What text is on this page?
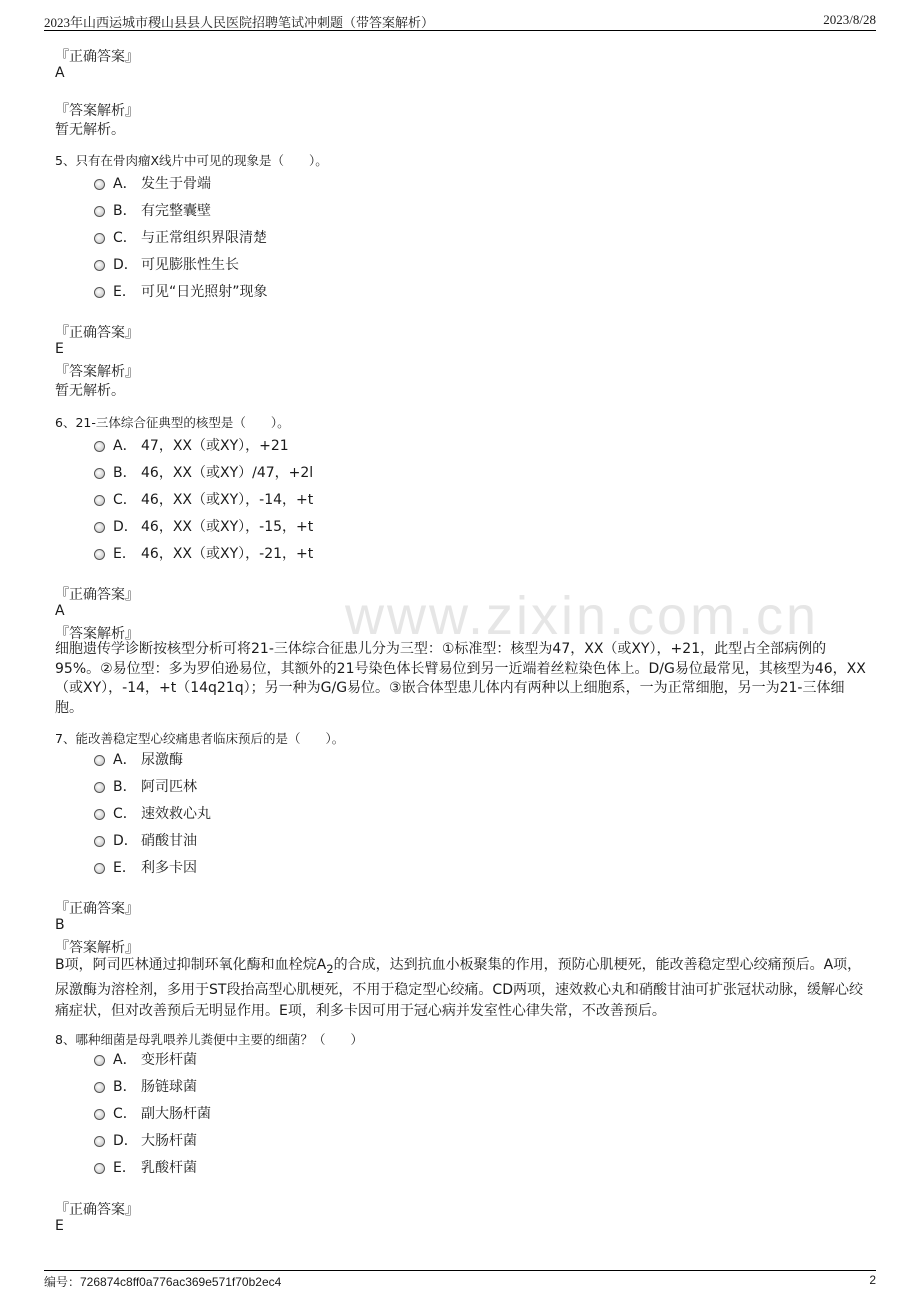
2023年山西运城市稷山县县人民医院招聘笔试冲刺题（带答案解析）	2023/8/28
www.zixin.com.cn
『正确答案』
A
『答案解析』
暂无解析。
5、只有在骨肉瘤X线片中可见的现象是（　　）。
A． 发生于骨端
B． 有完整囊壁
C． 与正常组织界限清楚
D． 可见膨胀性生长
E． 可见“日光照射”现象
『正确答案』
E
『答案解析』
暂无解析。
6、21-三体综合征典型的核型是（　　）。
A． 47，XX（或XY），+21
B． 46，XX（或XY）/47，+2l
C． 46，XX（或XY），-14，+t
D． 46，XX（或XY），-15，+t
E． 46，XX（或XY），-21，+t
『正确答案』
A
『答案解析』
细胞遗传学诊断按核型分析可将21-三体综合征患儿分为三型：①标准型：核型为47，XX（或XY），+21，此型占全部病例的95%。②易位型：多为罗伯逊易位，其额外的21号染色体长臂易位到另一近端着丝粒染色体上。D/G易位最常见，其核型为46，XX（或XY），-14，+t（14q21q）；另一种为G/G易位。③嵌合体型患儿体内有两种以上细胞系，一为正常细胞，另一为21-三体细胞。
7、能改善稳定型心绞痛患者临床预后的是（　　）。
A． 尿激酶
B． 阿司匹林
C． 速效救心丸
D． 硝酸甘油
E． 利多卡因
『正确答案』
B
『答案解析』
B项，阿司匹林通过抑制环氧化酶和血栓烷$A_2$的合成，达到抗血小板聚集的作用，预防心肌梗死，能改善稳定型心绞痛预后。A项，尿激酶为溶栓剂，多用于ST段抬高型心肌梗死，不用于稳定型心绞痛。CD两项，速效救心丸和硝酸甘油可扩张冠状动脉，缓解心绞痛症状，但对改善预后无明显作用。E项，利多卡因可用于冠心病并发室性心律失常，不改善预后。
8、哪种细菌是母乳喂养儿粪便中主要的细菌？（　　）
A． 变形杆菌
B． 肠链球菌
C． 副大肠杆菌
D． 大肠杆菌
E． 乳酸杆菌
『正确答案』
E
编号：726874c8ff0a776ac369e571f70b2ec4	2
